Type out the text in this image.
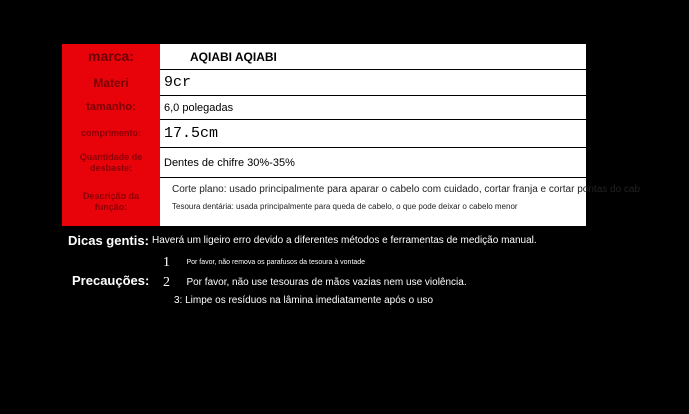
marca:	AQIABI AQIABI
Materi	9cr
tamanho:	6,0 polegadas
comprimento:	17.5cm
Quantidade de desbaste:	Dentes de chifre 30%-35%
Descrição da função:
Corte plano: usado principalmente para aparar o cabelo com cuidado, cortar franja e cortar pontas do cab
Tesoura dentária: usada principalmente para queda de cabelo, o que pode deixar o cabelo menor
Dicas gentis: Haverá um ligeiro erro devido a diferentes métodos e ferramentas de medição manual.
Precauções:
1 Por favor, não remova os parafusos da tesoura à vontade
2 Por favor, não use tesouras de mãos vazias nem use violência.
3: Limpe os resíduos na lâmina imediatamente após o uso
